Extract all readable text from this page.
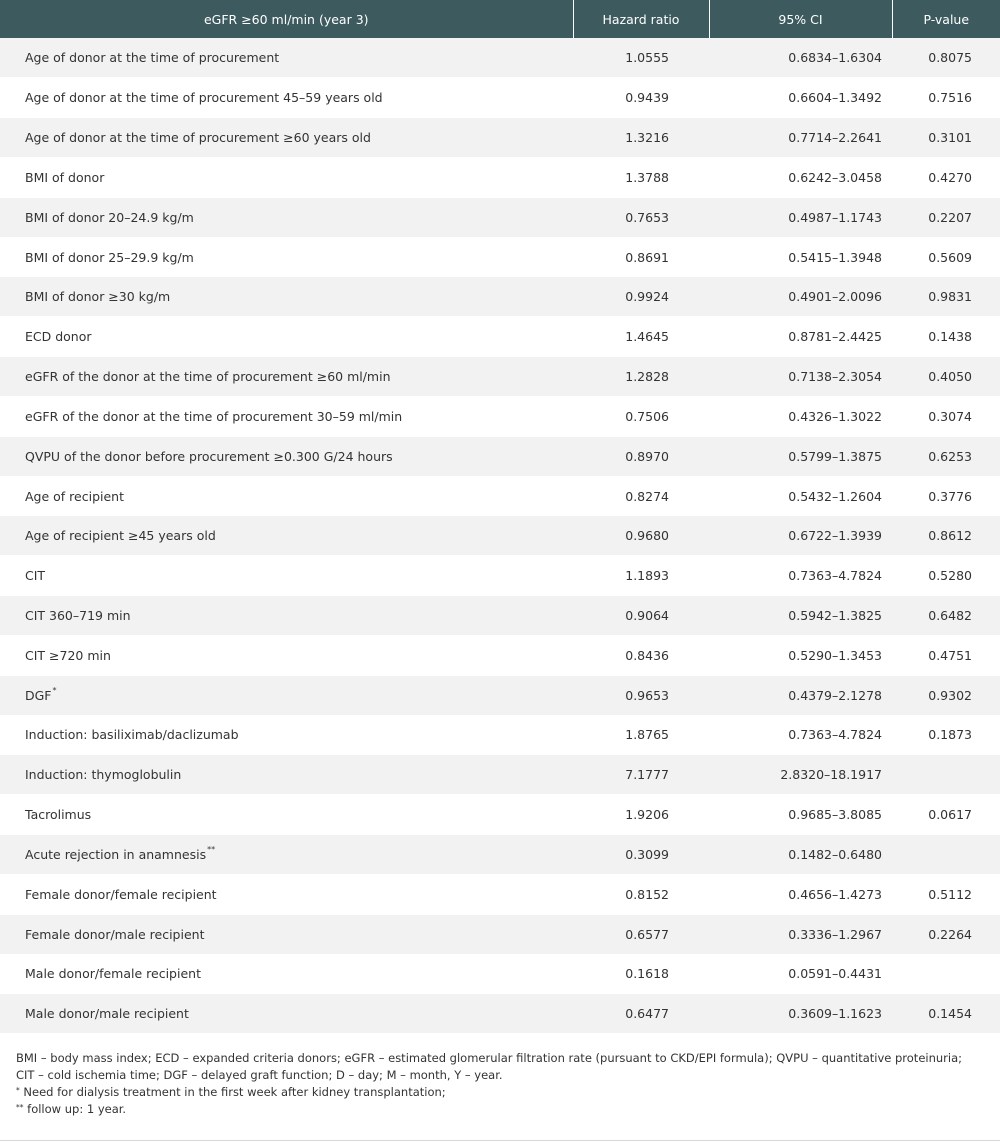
eGFR ≥60 ml/min (year 3)	Hazard ratio	95% CI	P-value
Age of donor at the time of procurement	1.0555	0.6834–1.6304	0.8075
Age of donor at the time of procurement 45–59 years old	0.9439	0.6604–1.3492	0.7516
Age of donor at the time of procurement ≥60 years old	1.3216	0.7714–2.2641	0.3101
BMI of donor	1.3788	0.6242–3.0458	0.4270
BMI of donor 20–24.9 kg/m	0.7653	0.4987–1.1743	0.2207
BMI of donor 25–29.9 kg/m	0.8691	0.5415–1.3948	0.5609
BMI of donor ≥30 kg/m	0.9924	0.4901–2.0096	0.9831
ECD donor	1.4645	0.8781–2.4425	0.1438
eGFR of the donor at the time of procurement ≥60 ml/min	1.2828	0.7138–2.3054	0.4050
eGFR of the donor at the time of procurement 30–59 ml/min	0.7506	0.4326–1.3022	0.3074
QVPU of the donor before procurement ≥0.300 G/24 hours	0.8970	0.5799–1.3875	0.6253
Age of recipient	0.8274	0.5432–1.2604	0.3776
Age of recipient ≥45 years old	0.9680	0.6722–1.3939	0.8612
CIT	1.1893	0.7363–4.7824	0.5280
CIT 360–719 min	0.9064	0.5942–1.3825	0.6482
CIT ≥720 min	0.8436	0.5290–1.3453	0.4751
DGF*	0.9653	0.4379–2.1278	0.9302
Induction: basiliximab/daclizumab	1.8765	0.7363–4.7824	0.1873
Induction: thymoglobulin	7.1777	2.8320–18.1917	
Tacrolimus	1.9206	0.9685–3.8085	0.0617
Acute rejection in anamnesis**	0.3099	0.1482–0.6480	
Female donor/female recipient	0.8152	0.4656–1.4273	0.5112
Female donor/male recipient	0.6577	0.3336–1.2967	0.2264
Male donor/female recipient	0.1618	0.0591–0.4431	
Male donor/male recipient	0.6477	0.3609–1.1623	0.1454

BMI – body mass index; ECD – expanded criteria donors; eGFR – estimated glomerular filtration rate (pursuant to CKD/EPI formula); QVPU – quantitative proteinuria;

CIT – cold ischemia time; DGF – delayed graft function; D – day; M – month, Y – year.

* Need for dialysis treatment in the first week after kidney transplantation;

** follow up: 1 year.
